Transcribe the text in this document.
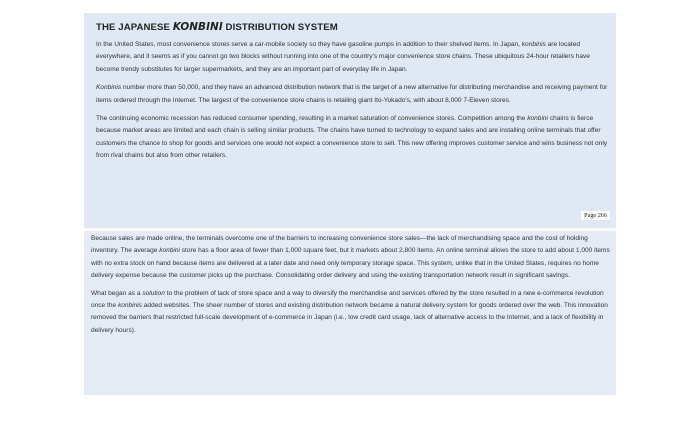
THE JAPANESE KONBINI DISTRIBUTION SYSTEM

In the United States, most convenience stores serve a car-mobile society so they have gasoline pumps in addition to their shelved items. In Japan, konbinis are located everywhere, and it seems as if you cannot go two blocks without running into one of the country's major convenience store chains. These ubiquitous 24-hour retailers have become trendy substitutes for larger supermarkets, and they are an important part of everyday life in Japan.

Konbinis number more than 50,000, and they have an advanced distribution network that is the target of a new alternative for distributing merchandise and receiving payment for items ordered through the Internet. The largest of the convenience store chains is retailing giant Ito-Yokado's, with about 8,000 7-Eleven stores.

The continuing economic recession has reduced consumer spending, resulting in a market saturation of convenience stores. Competition among the konbini chains is fierce because market areas are limited and each chain is selling similar products. The chains have turned to technology to expand sales and are installing online terminals that offer customers the chance to shop for goods and services one would not expect a convenience store to sell. This new offering improves customer service and wins business not only from rival chains but also from other retailers.

Page 266

Because sales are made online, the terminals overcome one of the barriers to increasing convenience store sales—the lack of merchandising space and the cost of holding inventory. The average konbini store has a floor area of fewer than 1,000 square feet, but it markets about 2,800 items. An online terminal allows the store to add about 1,000 items with no extra stock on hand because items are delivered at a later date and need only temporary storage space. This system, unlike that in the United States, requires no home delivery expense because the customer picks up the purchase. Consolidating order delivery and using the existing transportation network result in significant savings.

What began as a solution to the problem of lack of store space and a way to diversify the merchandise and services offered by the store resulted in a new e-commerce revolution once the konbinis added websites. The sheer number of stores and existing distribution network became a natural delivery system for goods ordered over the web. This innovation removed the barriers that restricted full-scale development of e-commerce in Japan (i.e., low credit card usage, lack of alternative access to the Internet, and a lack of flexibility in delivery hours).
